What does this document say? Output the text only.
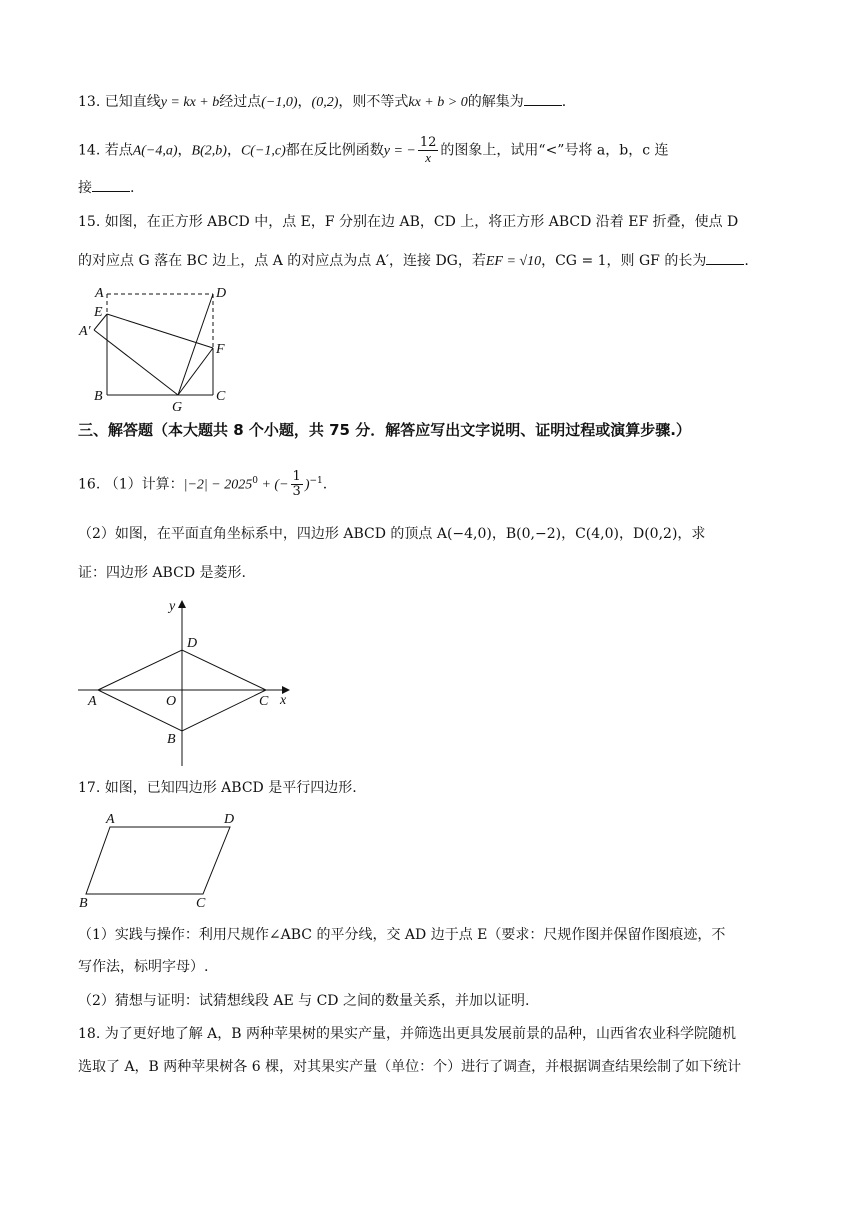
13. 已知直线y = kx + b经过点(−1,0)，(0,2)，则不等式kx + b > 0的解集为	.
14. 若点A(−4,a)，B(2,b)，C(−1,c)都在反比例函数y = − $\frac{12}{x}$ 的图象上，试用“<”号将 a，b，c 连
接	.
15. 如图，在正方形 ABCD 中，点 E，F 分别在边 AB，CD 上，将正方形 ABCD 沿着 EF 折叠，使点 D
的对应点 G 落在 BC 边上，点 A 的对应点为点 A′，连接 DG，若EF = √10，CG = 1，则 GF 的长为	.
A	D
E
A′
F
B	C
G
三、解答题（本大题共 8 个小题，共 75 分．解答应写出文字说明、证明过程或演算步骤.）
16. （1）计算：$|-2| - 2025^0$ + (− $\frac{1}{3} )^{-1}$.
（2）如图，在平面直角坐标系中，四边形 ABCD 的顶点 A(−4,0)，B(0,−2)，C(4,0)，D(0,2)，求
证：四边形 ABCD 是菱形.
y
x
D
A	O	C
B
17. 如图，已知四边形 ABCD 是平行四边形.
A	D
B	C
（1）实践与操作：利用尺规作∠ABC 的平分线，交 AD 边于点 E（要求：尺规作图并保留作图痕迹，不
写作法，标明字母）.
（2）猜想与证明：试猜想线段 AE 与 CD 之间的数量关系，并加以证明.
18. 为了更好地了解 A，B 两种苹果树的果实产量，并筛选出更具发展前景的品种，山西省农业科学院随机
选取了 A，B 两种苹果树各 6 棵，对其果实产量（单位：个）进行了调查，并根据调查结果绘制了如下统计
